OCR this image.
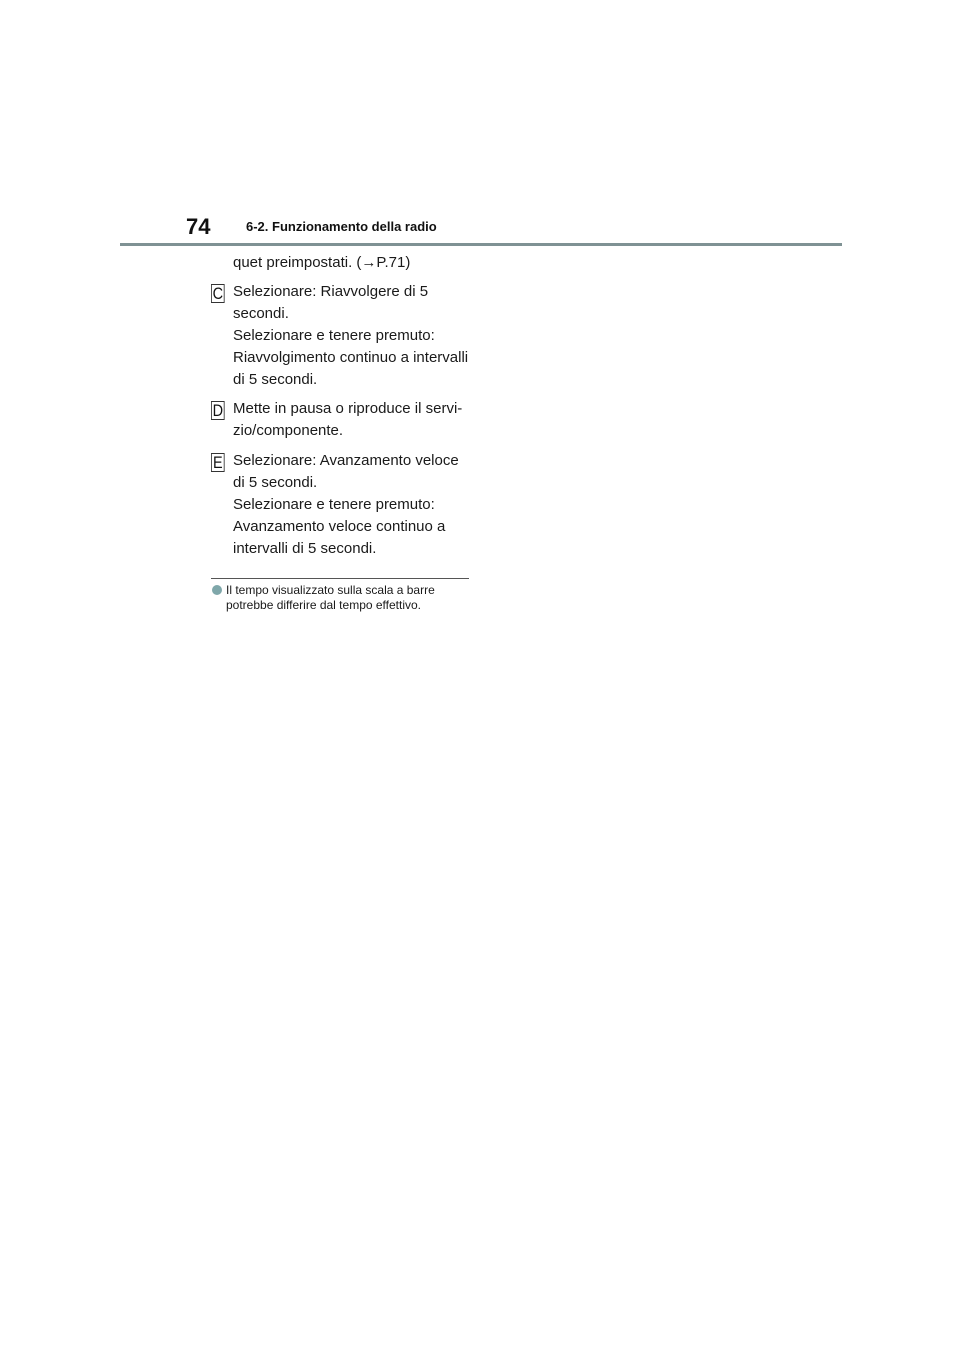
74	6-2. Funzionamento della radio

quet preimpostati. (→P.71)

C Selezionare: Riavvolgere di 5

secondi.

Selezionare e tenere premuto:

Riavvolgimento continuo a intervalli

di 5 secondi.

D Mette in pausa o riproduce il servi-

zio/componente.

E Selezionare: Avanzamento veloce

di 5 secondi.

Selezionare e tenere premuto:

Avanzamento veloce continuo a

intervalli di 5 secondi.

Il tempo visualizzato sulla scala a barre

potrebbe differire dal tempo effettivo.
